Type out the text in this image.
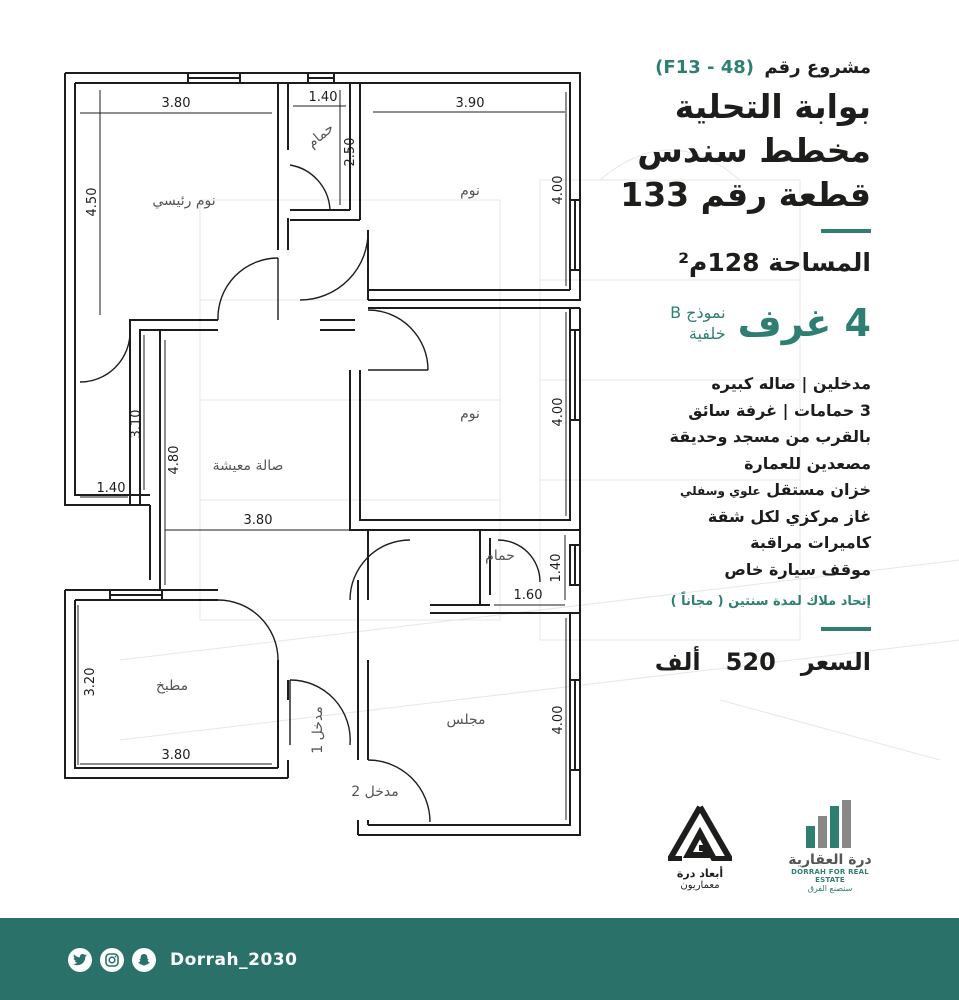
نوم رئيسي
حمام
نوم
نوم
صالة معيشة
حمام
مطبخ
مجلس
مدخل 1
مدخل 2
3.80
4.50
1.40
2.50
3.90
4.00
4.00
3.10
1.40
4.80
3.80
1.40
1.60
3.20
3.80
4.00
مشروع رقم (F13 - 48)
بوابة التحلية
مخطط سندس
قطعة رقم 133
المساحة 128م²
4 غرف
نموذج B
خلفية
مدخلين | صاله كبيره
3 حمامات | غرفة سائق
بالقرب من مسجد وحديقة
مصعدين للعمارة
خزان مستقل علوي وسفلي
غاز مركزي لكل شقة
كاميرات مراقبة
موقف سيارة خاص
إتحاد ملاك لمدة سنتين ( مجاناً )
السعر   520   ألف
أبعاد درة
معماريون
درة العقارية
DORRAH FOR REAL ESTATE
سنصنع الفرق
Dorrah_2030
